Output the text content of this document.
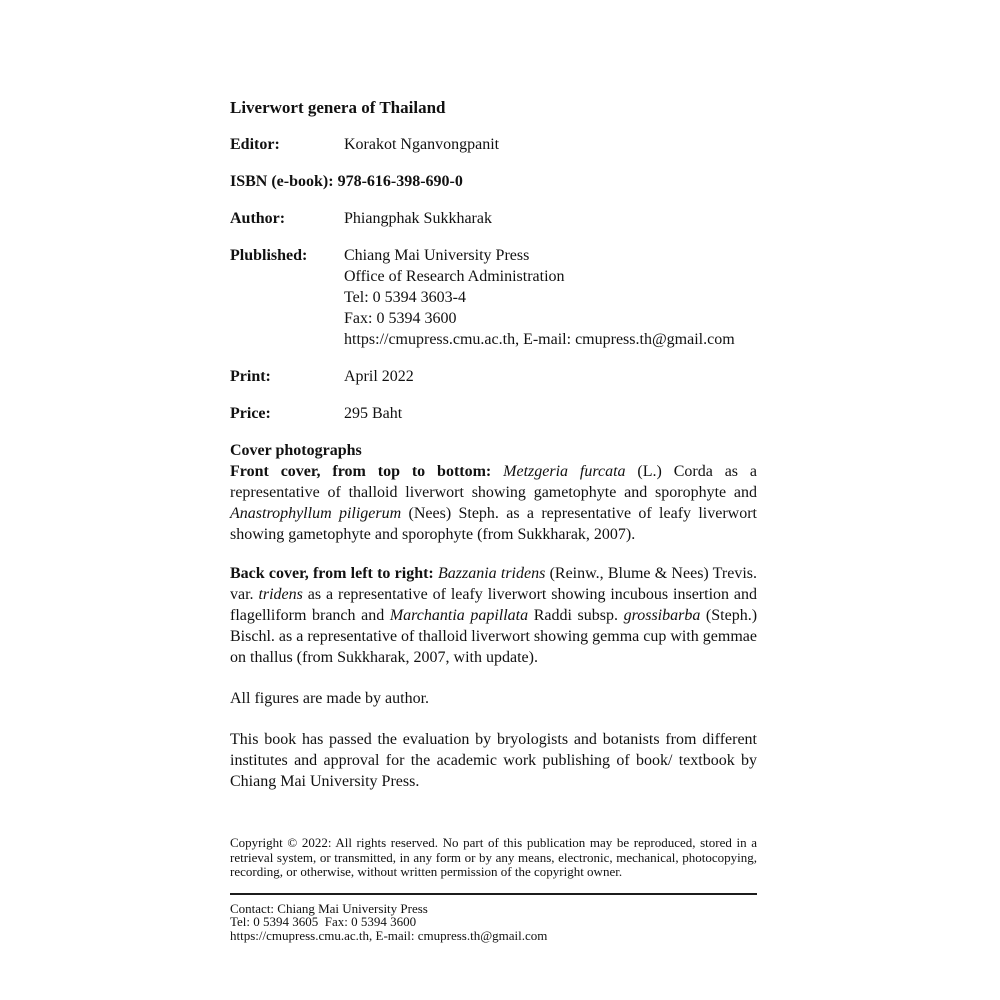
Liverwort genera of Thailand
Editor:	Korakot Nganvongpanit
ISBN (e-book): 978-616-398-690-0
Author:	Phiangphak Sukkharak
Plublished:	Chiang Mai University Press
Office of Research Administration
Tel: 0 5394 3603-4
Fax: 0 5394 3600
https://cmupress.cmu.ac.th, E-mail: cmupress.th@gmail.com
Print:	April 2022
Price:	295 Baht
Cover photographs

Front cover, from top to bottom: Metzgeria furcata (L.) Corda as a representative of thalloid liverwort showing gametophyte and sporophyte and Anastrophyllum piligerum (Nees) Steph. as a representative of leafy liverwort showing gametophyte and sporophyte (from Sukkharak, 2007).

Back cover, from left to right: Bazzania tridens (Reinw., Blume & Nees) Trevis. var. tridens as a representative of leafy liverwort showing incubous insertion and flagelliform branch and Marchantia papillata Raddi subsp. grossibarba (Steph.) Bischl. as a representative of thalloid liverwort showing gemma cup with gemmae on thallus (from Sukkharak, 2007, with update).

All figures are made by author.

This book has passed the evaluation by bryologists and botanists from different institutes and approval for the academic work publishing of book/ textbook by Chiang Mai University Press.

Copyright © 2022: All rights reserved. No part of this publication may be reproduced, stored in a retrieval system, or transmitted, in any form or by any means, electronic, mechanical, photocopying, recording, or otherwise, without written permission of the copyright owner.

Contact: Chiang Mai University Press
Tel: 0 5394 3605  Fax: 0 5394 3600
https://cmupress.cmu.ac.th, E-mail: cmupress.th@gmail.com
